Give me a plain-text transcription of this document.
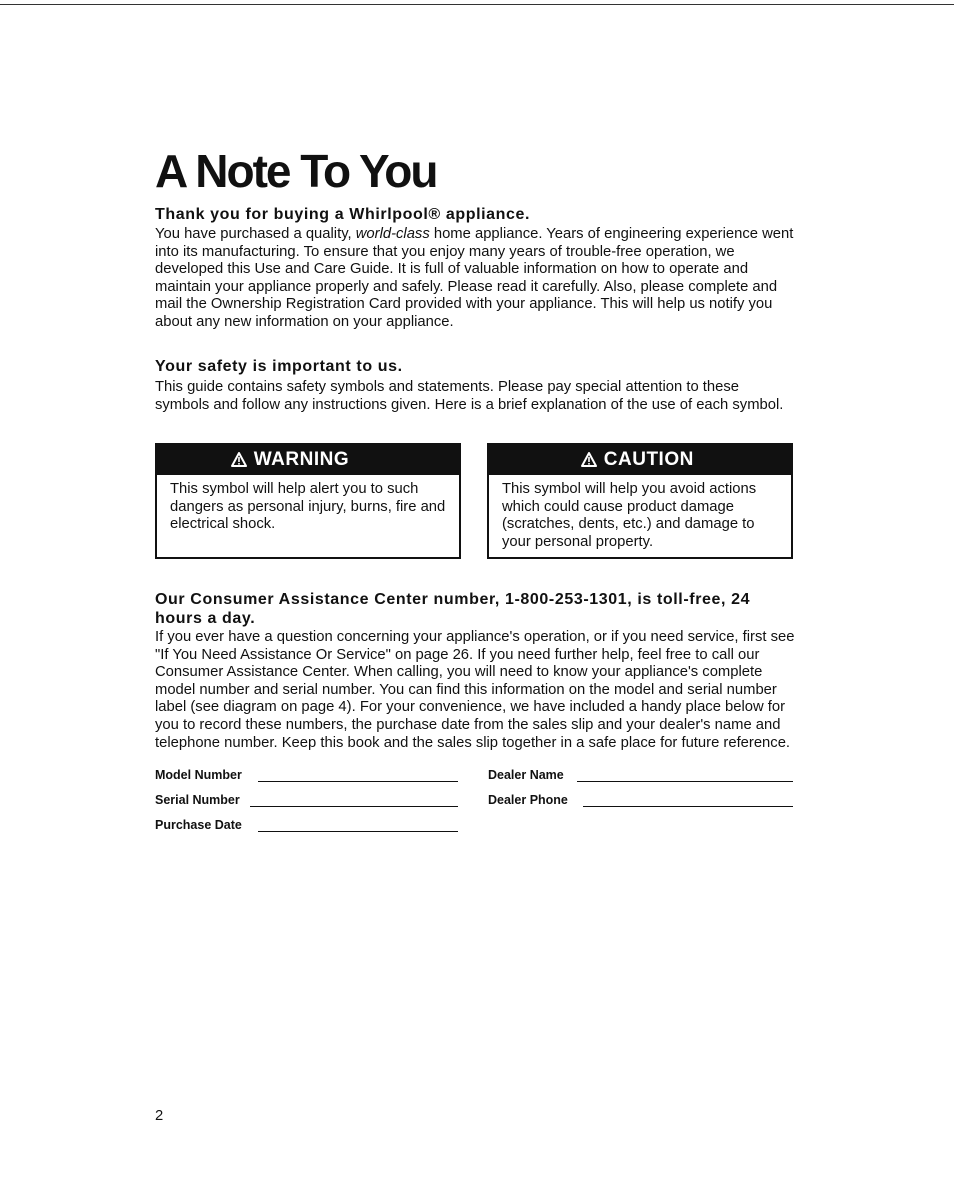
A Note To You
Thank you for buying a Whirlpool® appliance.

You have purchased a quality, world-class home appliance. Years of engineering experience went into its manufacturing. To ensure that you enjoy many years of trouble-free operation, we developed this Use and Care Guide. It is full of valuable information on how to operate and maintain your appliance properly and safely. Please read it carefully. Also, please complete and mail the Ownership Registration Card provided with your appliance. This will help us notify you about any new information on your appliance.

Your safety is important to us.

This guide contains safety symbols and statements. Please pay special attention to these symbols and follow any instructions given. Here is a brief explanation of the use of each symbol.

WARNING

This symbol will help alert you to such dangers as personal injury, burns, fire and electrical shock.

CAUTION

This symbol will help you avoid actions which could cause product damage (scratches, dents, etc.) and damage to your personal property.

Our Consumer Assistance Center number, 1-800-253-1301, is toll-free, 24 hours a day.

If you ever have a question concerning your appliance's operation, or if you need service, first see "If You Need Assistance Or Service" on page 26. If you need further help, feel free to call our Consumer Assistance Center. When calling, you will need to know your appliance's complete model number and serial number. You can find this information on the model and serial number label (see diagram on page 4). For your convenience, we have included a handy place below for you to record these numbers, the purchase date from the sales slip and your dealer's name and telephone number. Keep this book and the sales slip together in a safe place for future reference.

Model Number
Serial Number
Purchase Date
Dealer Name
Dealer Phone
2
